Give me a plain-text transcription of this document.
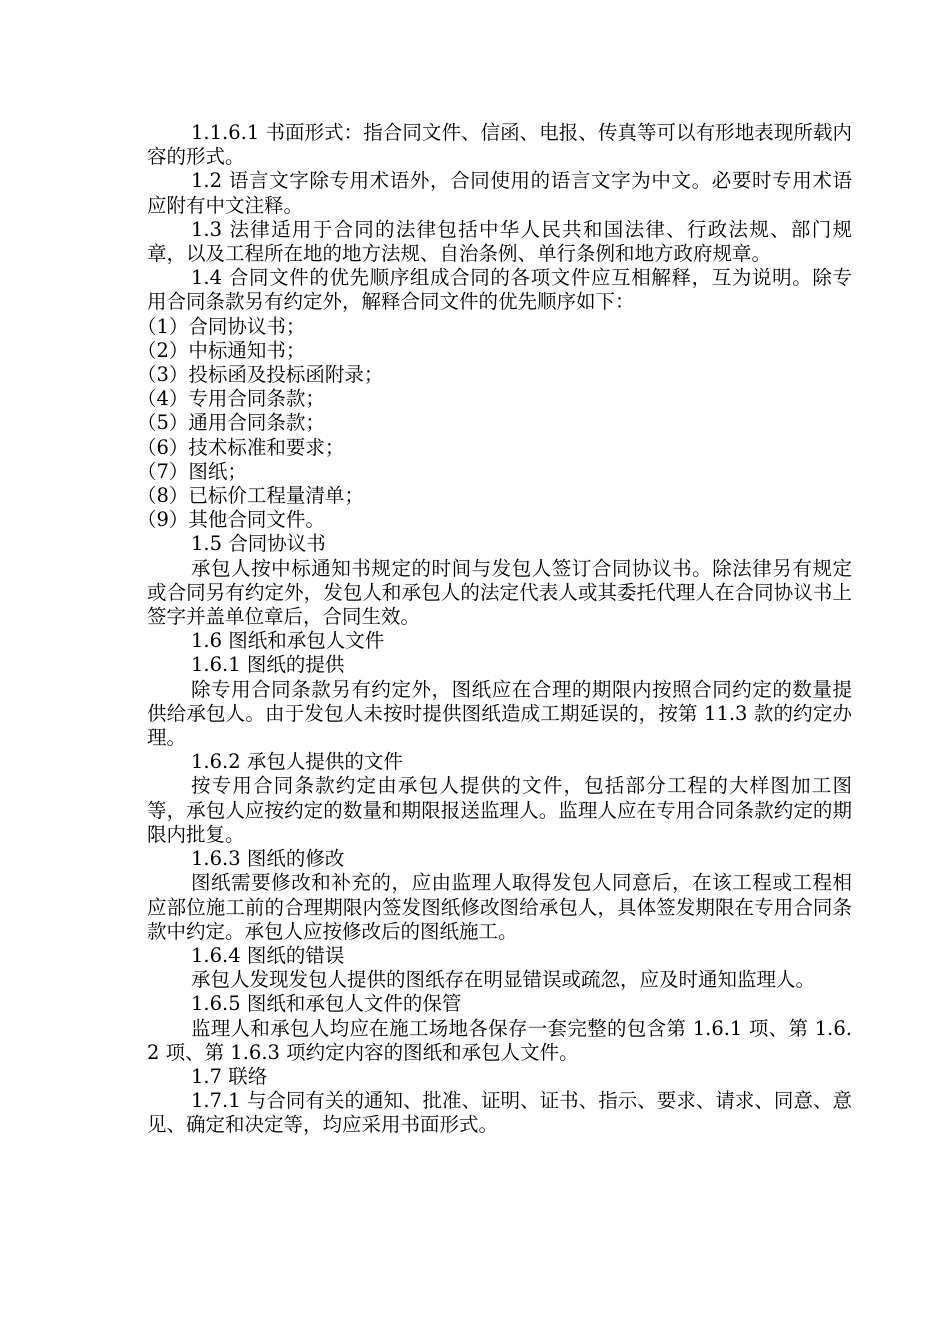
1.1.6.1 书面形式：指合同文件、信函、电报、传真等可以有形地表现所载内容的形式。

1.2 语言文字除专用术语外，合同使用的语言文字为中文。必要时专用术语应附有中文注释。

1.3 法律适用于合同的法律包括中华人民共和国法律、行政法规、部门规章，以及工程所在地的地方法规、自治条例、单行条例和地方政府规章。

1.4 合同文件的优先顺序组成合同的各项文件应互相解释，互为说明。除专用合同条款另有约定外，解释合同文件的优先顺序如下：

（1）合同协议书；

（2）中标通知书；

（3）投标函及投标函附录；

（4）专用合同条款；

（5）通用合同条款；

（6）技术标准和要求；

（7）图纸；

（8）已标价工程量清单；

（9）其他合同文件。

1.5 合同协议书

承包人按中标通知书规定的时间与发包人签订合同协议书。除法律另有规定或合同另有约定外，发包人和承包人的法定代表人或其委托代理人在合同协议书上签字并盖单位章后，合同生效。

1.6 图纸和承包人文件

1.6.1 图纸的提供

除专用合同条款另有约定外，图纸应在合理的期限内按照合同约定的数量提供给承包人。由于发包人未按时提供图纸造成工期延误的，按第 11.3 款的约定办理。

1.6.2 承包人提供的文件

按专用合同条款约定由承包人提供的文件，包括部分工程的大样图加工图等，承包人应按约定的数量和期限报送监理人。监理人应在专用合同条款约定的期限内批复。

1.6.3 图纸的修改

图纸需要修改和补充的，应由监理人取得发包人同意后，在该工程或工程相应部位施工前的合理期限内签发图纸修改图给承包人，具体签发期限在专用合同条款中约定。承包人应按修改后的图纸施工。

1.6.4 图纸的错误

承包人发现发包人提供的图纸存在明显错误或疏忽，应及时通知监理人。

1.6.5 图纸和承包人文件的保管

监理人和承包人均应在施工场地各保存一套完整的包含第 1.6.1 项、第 1.6.2 项、第 1.6.3 项约定内容的图纸和承包人文件。

1.7 联络

1.7.1 与合同有关的通知、批准、证明、证书、指示、要求、请求、同意、意见、确定和决定等，均应采用书面形式。
